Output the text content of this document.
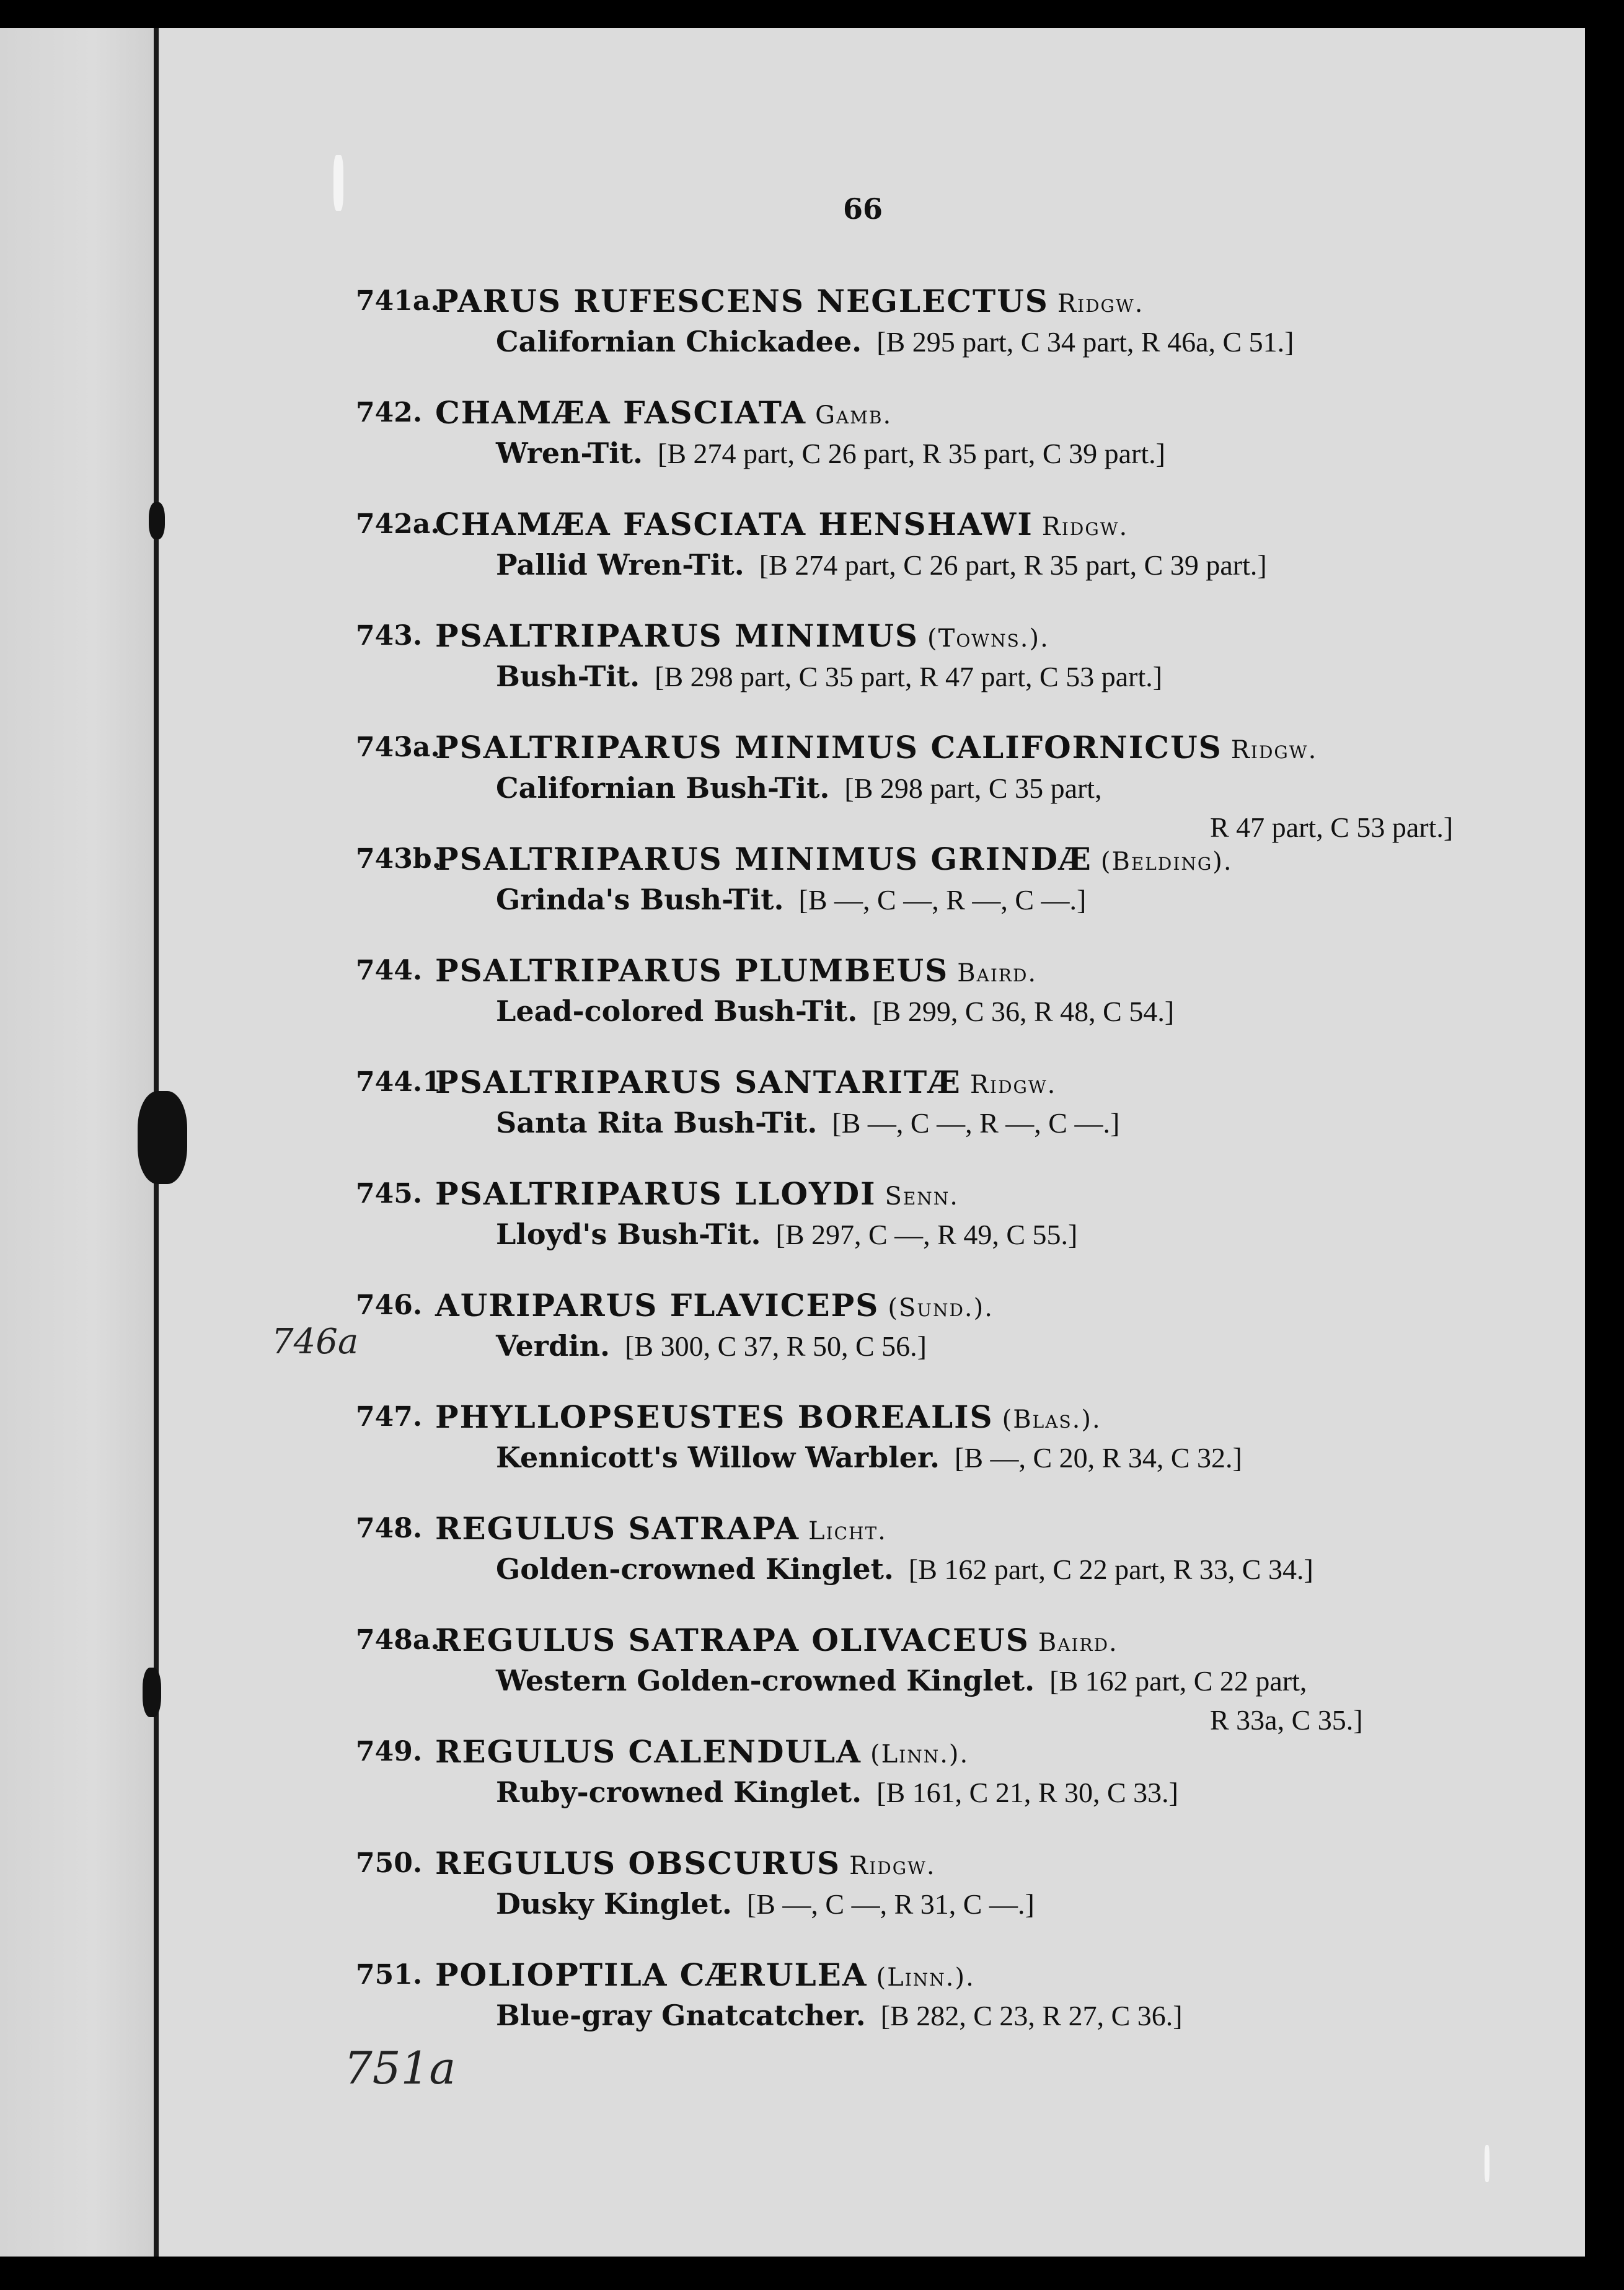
66
741a.
PARUS RUFESCENS NEGLECTUS Ridgw.
Californian Chickadee. [B 295 part, C 34 part, R 46a, C 51.]
742. CHAMÆA FASCIATA Gamb.
Wren-Tit. [B 274 part, C 26 part, R 35 part, C 39 part.]
742a.
CHAMÆA FASCIATA HENSHAWI Ridgw.
Pallid Wren-Tit. [B 274 part, C 26 part, R 35 part, C 39 part.]
743. PSALTRIPARUS MINIMUS (Towns.).
Bush-Tit. [B 298 part, C 35 part, R 47 part, C 53 part.]
743a.
PSALTRIPARUS MINIMUS CALIFORNICUS Ridgw.
Californian Bush-Tit. [B 298 part, C 35 part,
R 47 part, C 53 part.]
743b.
PSALTRIPARUS MINIMUS GRINDÆ (Belding).
Grinda's Bush-Tit. [B —, C —, R —, C —.]
744. PSALTRIPARUS PLUMBEUS Baird.
Lead-colored Bush-Tit. [B 299, C 36, R 48, C 54.]
744.1
PSALTRIPARUS SANTARITÆ Ridgw.
Santa Rita Bush-Tit. [B —, C —, R —, C —.]
745. PSALTRIPARUS LLOYDI Senn.
Lloyd's Bush-Tit. [B 297, C —, R 49, C 55.]
746. AURIPARUS FLAVICEPS (Sund.).
Verdin. [B 300, C 37, R 50, C 56.]
747. PHYLLOPSEUSTES BOREALIS (Blas.).
Kennicott's Willow Warbler. [B —, C 20, R 34, C 32.]
748. REGULUS SATRAPA Licht.
Golden-crowned Kinglet. [B 162 part, C 22 part, R 33, C 34.]
748a.
REGULUS SATRAPA OLIVACEUS Baird.
Western Golden-crowned Kinglet. [B 162 part, C 22 part,
R 33a, C 35.]
749. REGULUS CALENDULA (Linn.).
Ruby-crowned Kinglet. [B 161, C 21, R 30, C 33.]
750. REGULUS OBSCURUS Ridgw.
Dusky Kinglet. [B —, C —, R 31, C —.]
751. POLIOPTILA CÆRULEA (Linn.).
Blue-gray Gnatcatcher. [B 282, C 23, R 27, C 36.]
746a
751a
